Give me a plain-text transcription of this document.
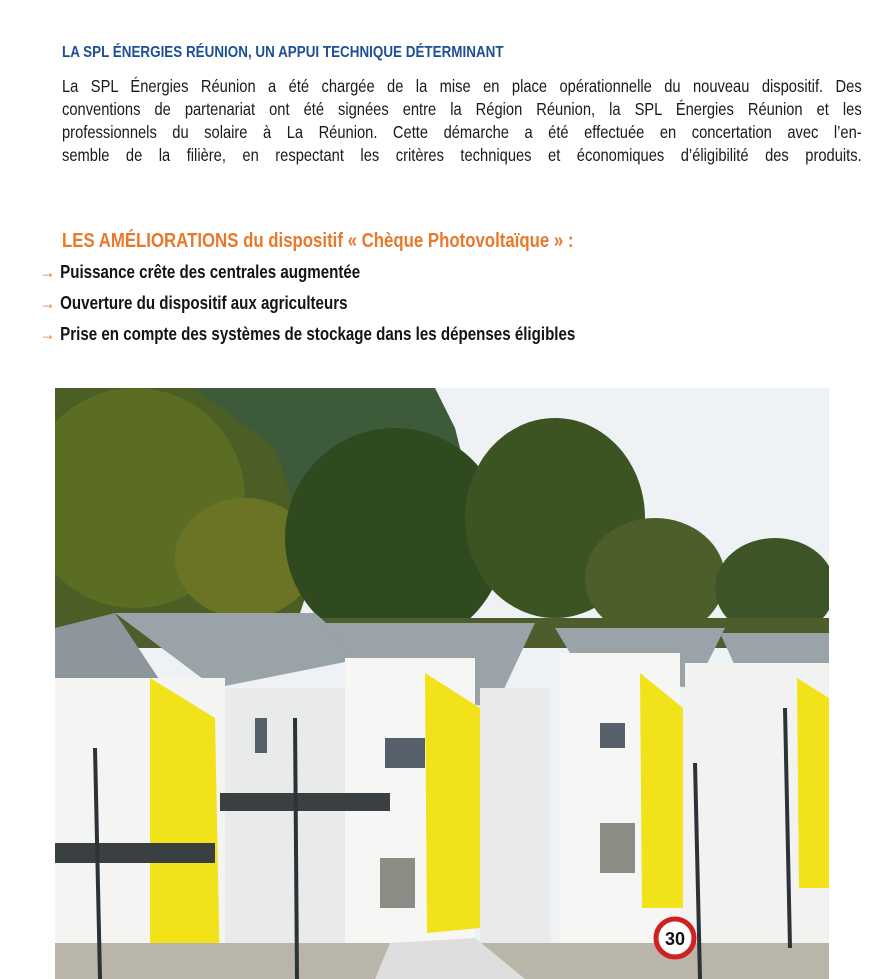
LA SPL ÉNERGIES RÉUNION, UN APPUI TECHNIQUE DÉTERMINANT
La SPL Énergies Réunion a été chargée de la mise en place opérationnelle du nouveau dispositif. Des
conventions de partenariat ont été signées entre la Région Réunion, la SPL Énergies Réunion et les
professionnels du solaire à La Réunion. Cette démarche a été effectuée en concertation avec l’en-
semble de la filière, en respectant les critères techniques et économiques d’éligibilité des produits.
LES AMÉLIORATIONS du dispositif « Chèque Photovoltaïque » :
→ Puissance crête des centrales augmentée
→ Ouverture du dispositif aux agriculteurs
→ Prise en compte des systèmes de stockage dans les dépenses éligibles
30
